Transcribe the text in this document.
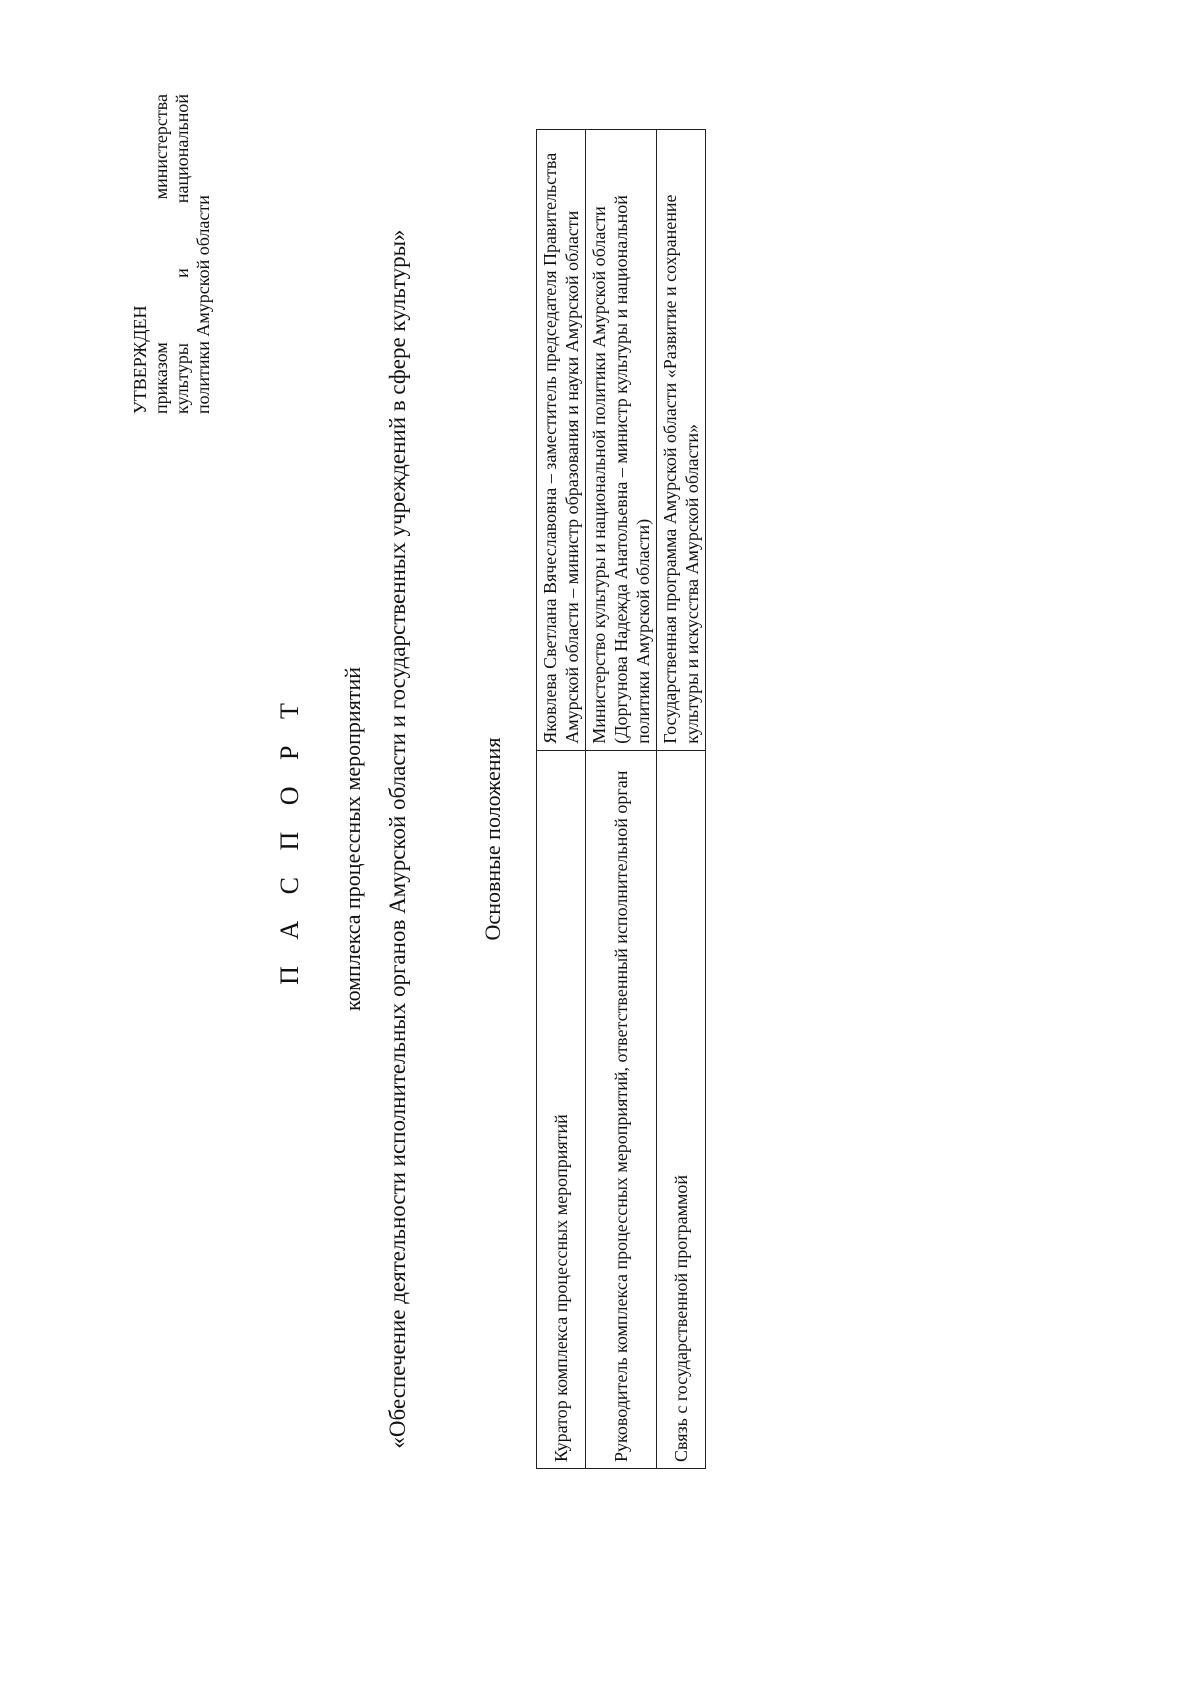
УТВЕРЖДЕН приказом
министерства
культуры
и
национальной
политики Амурской области
П А С П О Р Т комплекса процессных мероприятий «Обеспечение деятельности исполнительных органов Амурской области и государственных учреждений в сфере культуры»	Основные положения
Куратор комплекса процессных мероприятий	Яковлева Светлана Вячеславовна – заместитель председателя Правительства Амурской области – министр образования и науки Амурской области
Руководитель комплекса процессных мероприятий, ответственный исполнительной орган	Министерство культуры и национальной политики Амурской области (Доргунова Надежда Анатольевна – министр культуры и национальной политики Амурской области)
Связь с государственной программой	Государственная программа Амурской области «Развитие и сохранение культуры и искусства Амурской области»
